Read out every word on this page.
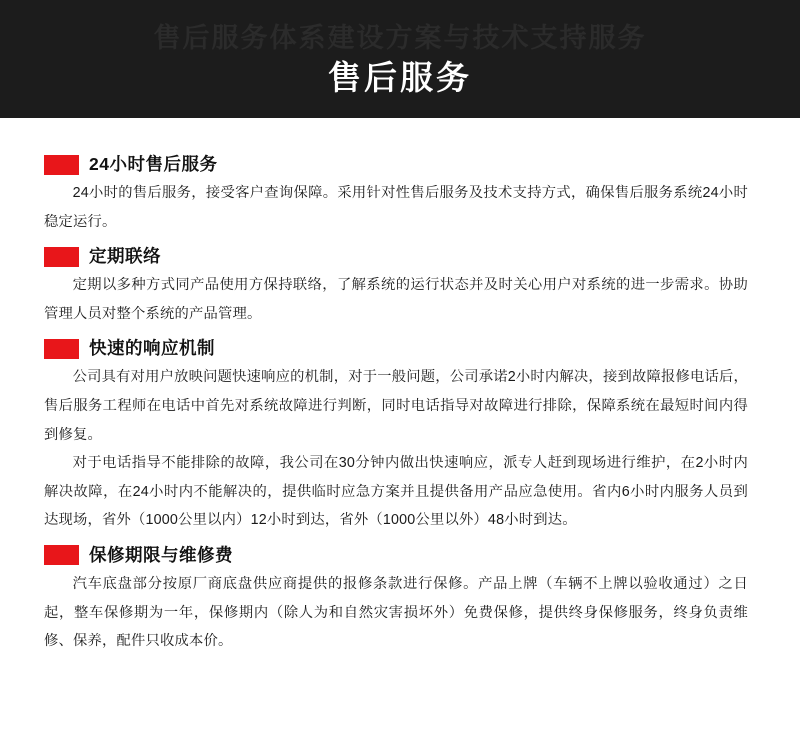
售后服务体系建设方案与技术支持服务
售后服务
24小时售后服务

24小时的售后服务，接受客户查询保障。采用针对性售后服务及技术支持方式，确保售后服务系统24小时稳定运行。

定期联络

定期以多种方式同产品使用方保持联络，了解系统的运行状态并及时关心用户对系统的进一步需求。协助管理人员对整个系统的产品管理。

快速的响应机制

公司具有对用户放映问题快速响应的机制，对于一般问题，公司承诺2小时内解决，接到故障报修电话后，售后服务工程师在电话中首先对系统故障进行判断，同时电话指导对故障进行排除，保障系统在最短时间内得到修复。

对于电话指导不能排除的故障，我公司在30分钟内做出快速响应，派专人赶到现场进行维护，在2小时内解决故障，在24小时内不能解决的，提供临时应急方案并且提供备用产品应急使用。省内6小时内服务人员到达现场，省外（1000公里以内）12小时到达，省外（1000公里以外）48小时到达。

保修期限与维修费

汽车底盘部分按原厂商底盘供应商提供的报修条款进行保修。产品上牌（车辆不上牌以验收通过）之日起，整车保修期为一年，保修期内（除人为和自然灾害损坏外）免费保修，提供终身保修服务，终身负责维修、保养，配件只收成本价。
